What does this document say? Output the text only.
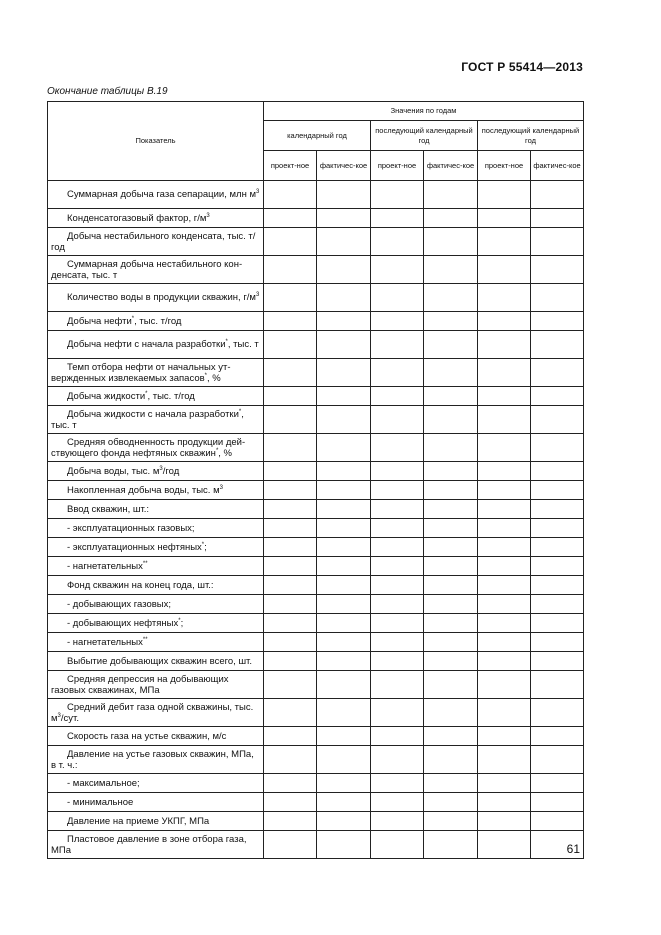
ГОСТ Р 55414—2013
Окончание таблицы В.19
Показатель	Значения по годам					
	календарный год		последующий календарный год		последующий календарный год	
	проект-ное	фактичес-кое	проект-ное	фактичес-кое	проект-ное	фактичес-кое
Суммарная добыча газа сепарации, млн $м^3$						
Конденсатогазовый фактор, $г/м^3$						
Добыча нестабильного конденсата, тыс. т/год						
Суммарная добыча нестабильного кон-денсата, тыс. т						
Количество воды в продукции скважин, $г/м^3$						
Добыча нефти*, тыс. т/год						
Добыча нефти с начала разработки*, тыс. т						
Темп отбора нефти от начальных ут-вержденных извлекаемых запасов*, %						
Добыча жидкости*, тыс. т/год						
Добыча жидкости с начала разработки*, тыс. т						
Средняя обводненность продукции дей-ствующего фонда нефтяных скважин*, %						
Добыча воды, тыс. $м^3$/год						
Накопленная добыча воды, тыс. $м^3$						
Ввод скважин, шт.:						
- эксплуатационных газовых;						
- эксплуатационных нефтяных*;						
- нагнетательных**						
Фонд скважин на конец года, шт.:						
- добывающих газовых;						
- добывающих нефтяных*;						
- нагнетательных**						
Выбытие добывающих скважин всего, шт.						
Средняя депрессия на добывающих газовых скважинах, МПа						
Средний дебит газа одной скважины, тыс. $м^3$/сут.						
Скорость газа на устье скважин, м/с						
Давление на устье газовых скважин, МПа, в т. ч.:						
- максимальное;						
- минимальное						
Давление на приеме УКПГ, МПа						
Пластовое давление в зоне отбора газа, МПа							61
